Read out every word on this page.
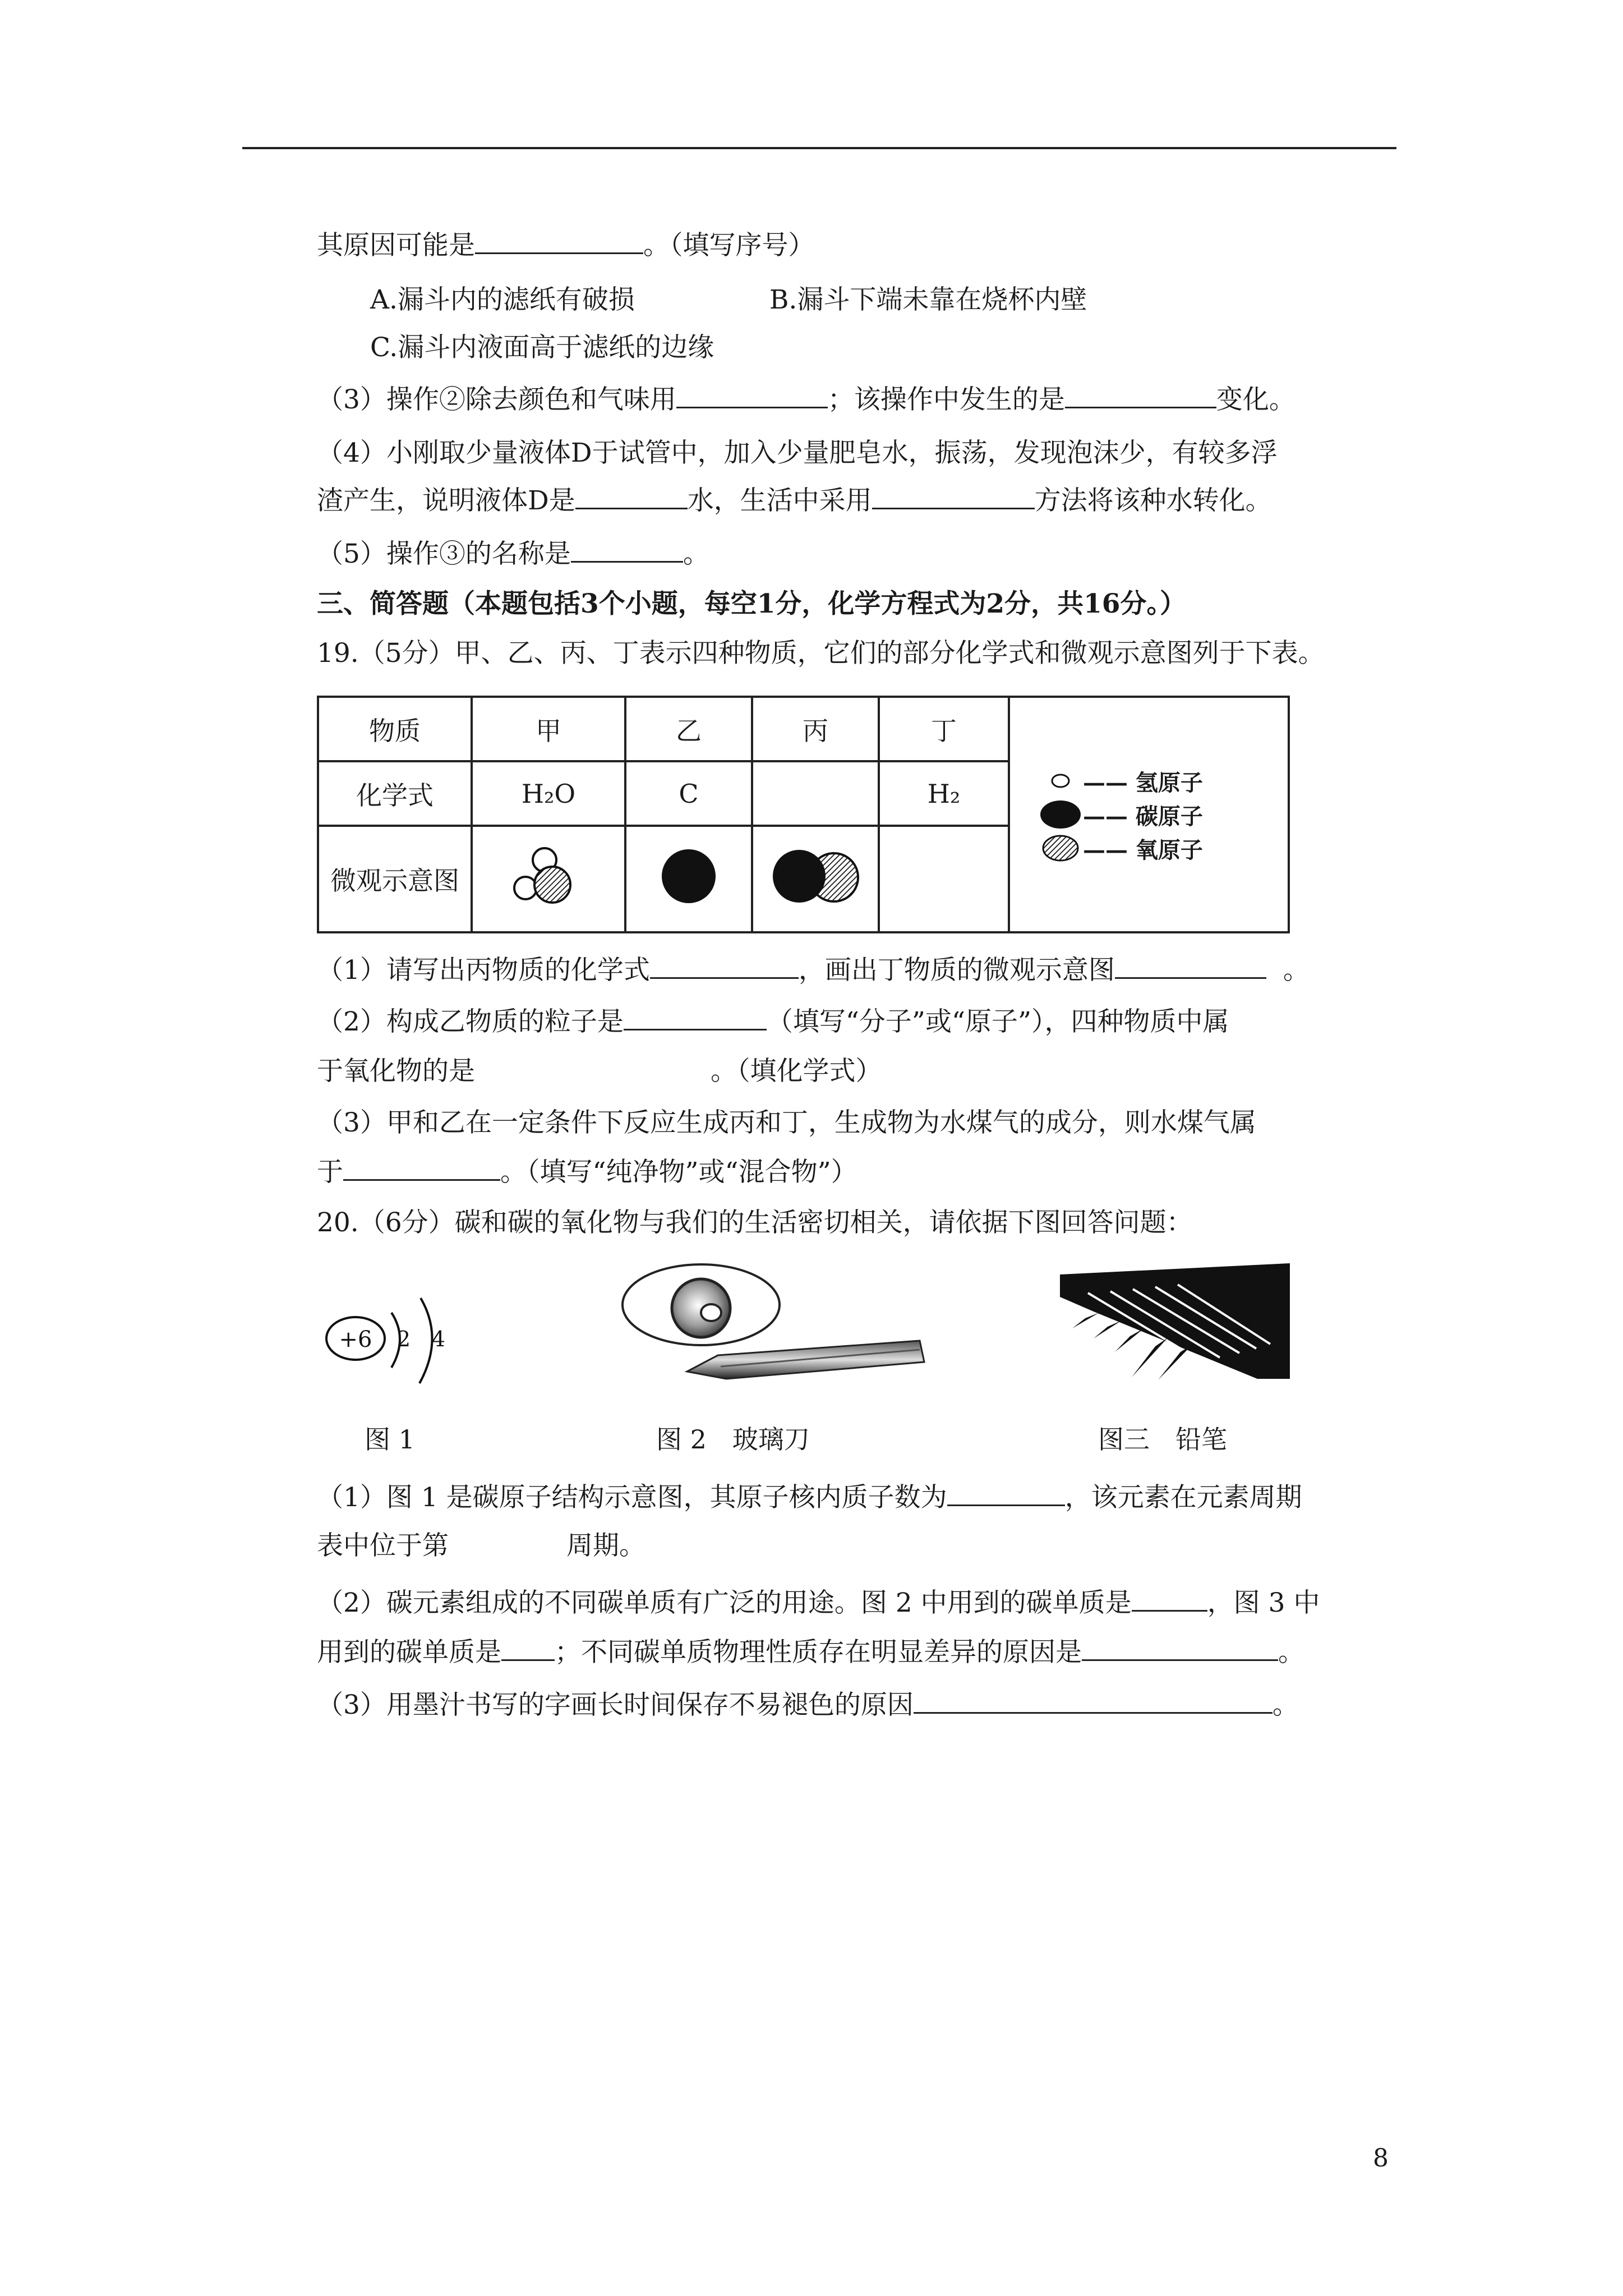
其原因可能是	。（填写序号）
A.漏斗内的滤纸有破损	B.漏斗下端未靠在烧杯内壁
C.漏斗内液面高于滤纸的边缘
（3）操作②除去颜色和气味用	；该操作中发生的是	变化。
（4）小刚取少量液体D于试管中，加入少量肥皂水，振荡，发现泡沫少，有较多浮
渣产生，说明液体D是	水，生活中采用	方法将该种水转化。
（5）操作③的名称是	。
三、简答题（本题包括3个小题，每空1分，化学方程式为2分，共16分。）
19.（5分）甲、乙、丙、丁表示四种物质，它们的部分化学式和微观示意图列于下表。
物质	甲	乙	丙	丁	—— 氢原子
—— 碳原子
—— 氧原子

化学式	H₂O	C		H₂	
微观示意图				
（1）请写出丙物质的化学式	，画出丁物质的微观示意图	。
（2）构成乙物质的粒子是	（填写“分子”或“原子”），四种物质中属
于氧化物的是	。（填化学式）
（3）甲和乙在一定条件下反应生成丙和丁，生成物为水煤气的成分，则水煤气属
于	。（填写“纯净物”或“混合物”）
20.（6分）碳和碳的氧化物与我们的生活密切相关，请依据下图回答问题：
+6 2 4
图 1	图 2　玻璃刀	图三　铅笔
（1）图 1 是碳原子结构示意图，其原子核内质子数为	，该元素在元素周期
表中位于第	周期。
（2）碳元素组成的不同碳单质有广泛的用途。图 2 中用到的碳单质是	，图 3 中
用到的碳单质是 ；不同碳单质物理性质存在明显差异的原因是	。
（3）用墨汁书写的字画长时间保存不易褪色的原因	。
8
